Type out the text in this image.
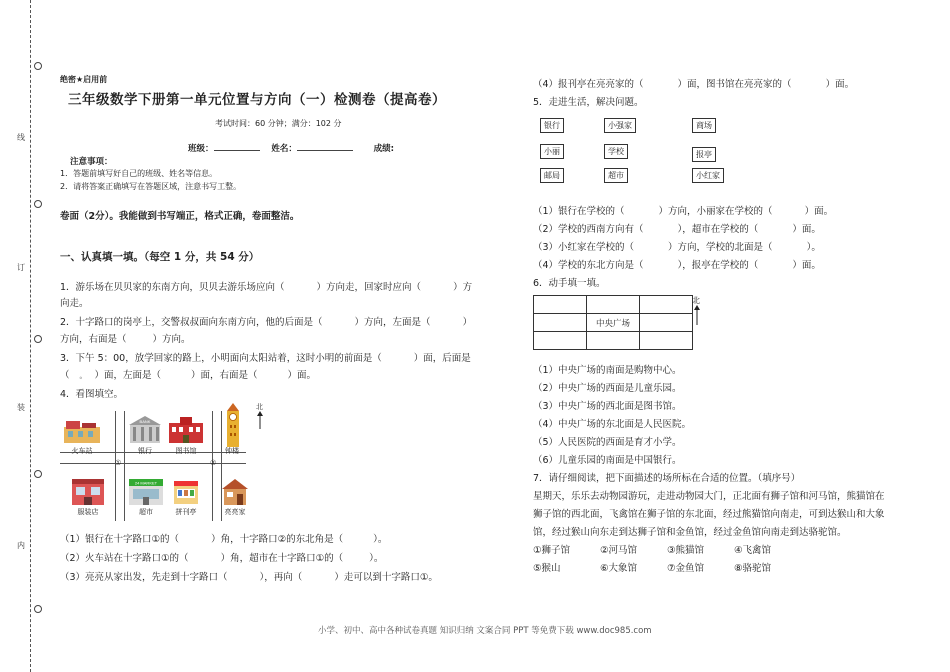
线
订
装
内
绝密★启用前
三年级数学下册第一单元位置与方向（一）检测卷（提高卷）
考试时间：60 分钟；满分：102 分
班级：	姓名：	成绩:
注意事项：
1．答题前填写好自己的班级、姓名等信息。
2．请将答案正确填写在答题区域，注意书写工整。
卷面（2分）。我能做到书写端正，格式正确，卷面整洁。
一、认真填一填。（每空 1 分，共 54 分）
1．游乐场在贝贝家的东南方向，贝贝去游乐场应向（	）方向走，回家时应向（	）方
向走。
2．十字路口的岗亭上，交警叔叔面向东南方向，他的后面是（	）方向，左面是（	）
方向，右面是（	）方向。
3．下午 5：00，放学回家的路上，小明面向太阳站着，这时小明的前面是（	）面，后面是
（ 。 ）面，左面是（	）面，右面是（	）面。
4．看图填空。
①	②
火车站
BANK
银行	图书馆	钟楼
服装店
24 MARKET
超市	拼刊亭	亮亮家
北
（1）银行在十字路口①的（	）角，十字路口②的东北角是（	）。
（2）火车站在十字路口①的（	）角，超市在十字路口①的（	）。
（3）亮亮从家出发，先走到十字路口（	），再向（	）走可以到十字路口①。
（4）报刊亭在亮亮家的（	）面，图书馆在亮亮家的（	）面。
5．走进生活，解决问题。
银行	小强家	商场
小丽	学校	报亭
邮局	超市	小红家
（1）银行在学校的（	）方向，小丽家在学校的（	）面。
（2）学校的西南方向有（	），超市在学校的（	）面。
（3）小红家在学校的（	）方向，学校的北面是（	）。
（4）学校的东北方向是（	），报亭在学校的（	）面。
6．动手填一填。

	中央广场	

北
（1）中央广场的南面是购物中心。
（2）中央广场的西面是儿童乐园。
（3）中央广场的西北面是图书馆。
（4）中央广场的东北面是人民医院。
（5）人民医院的西面是育才小学。
（6）儿童乐园的南面是中国银行。
7．请仔细阅读，把下面描述的场所标在合适的位置。（填序号）
星期天，乐乐去动物园游玩，走进动物园大门，正北面有狮子馆和河马馆，熊猫馆在
狮子馆的西北面，飞禽馆在狮子馆的东北面，经过熊猫馆向南走，可到达猴山和大象
馆，经过猴山向东走到达狮子馆和金鱼馆，经过金鱼馆向南走到达骆驼馆。
①狮子馆	②河马馆	③熊猫馆	④飞禽馆
⑤猴山	⑥大象馆	⑦金鱼馆	⑧骆驼馆
小学、初中、高中各种试卷真题 知识归纳 文案合同 PPT 等免费下载 www.doc985.com
